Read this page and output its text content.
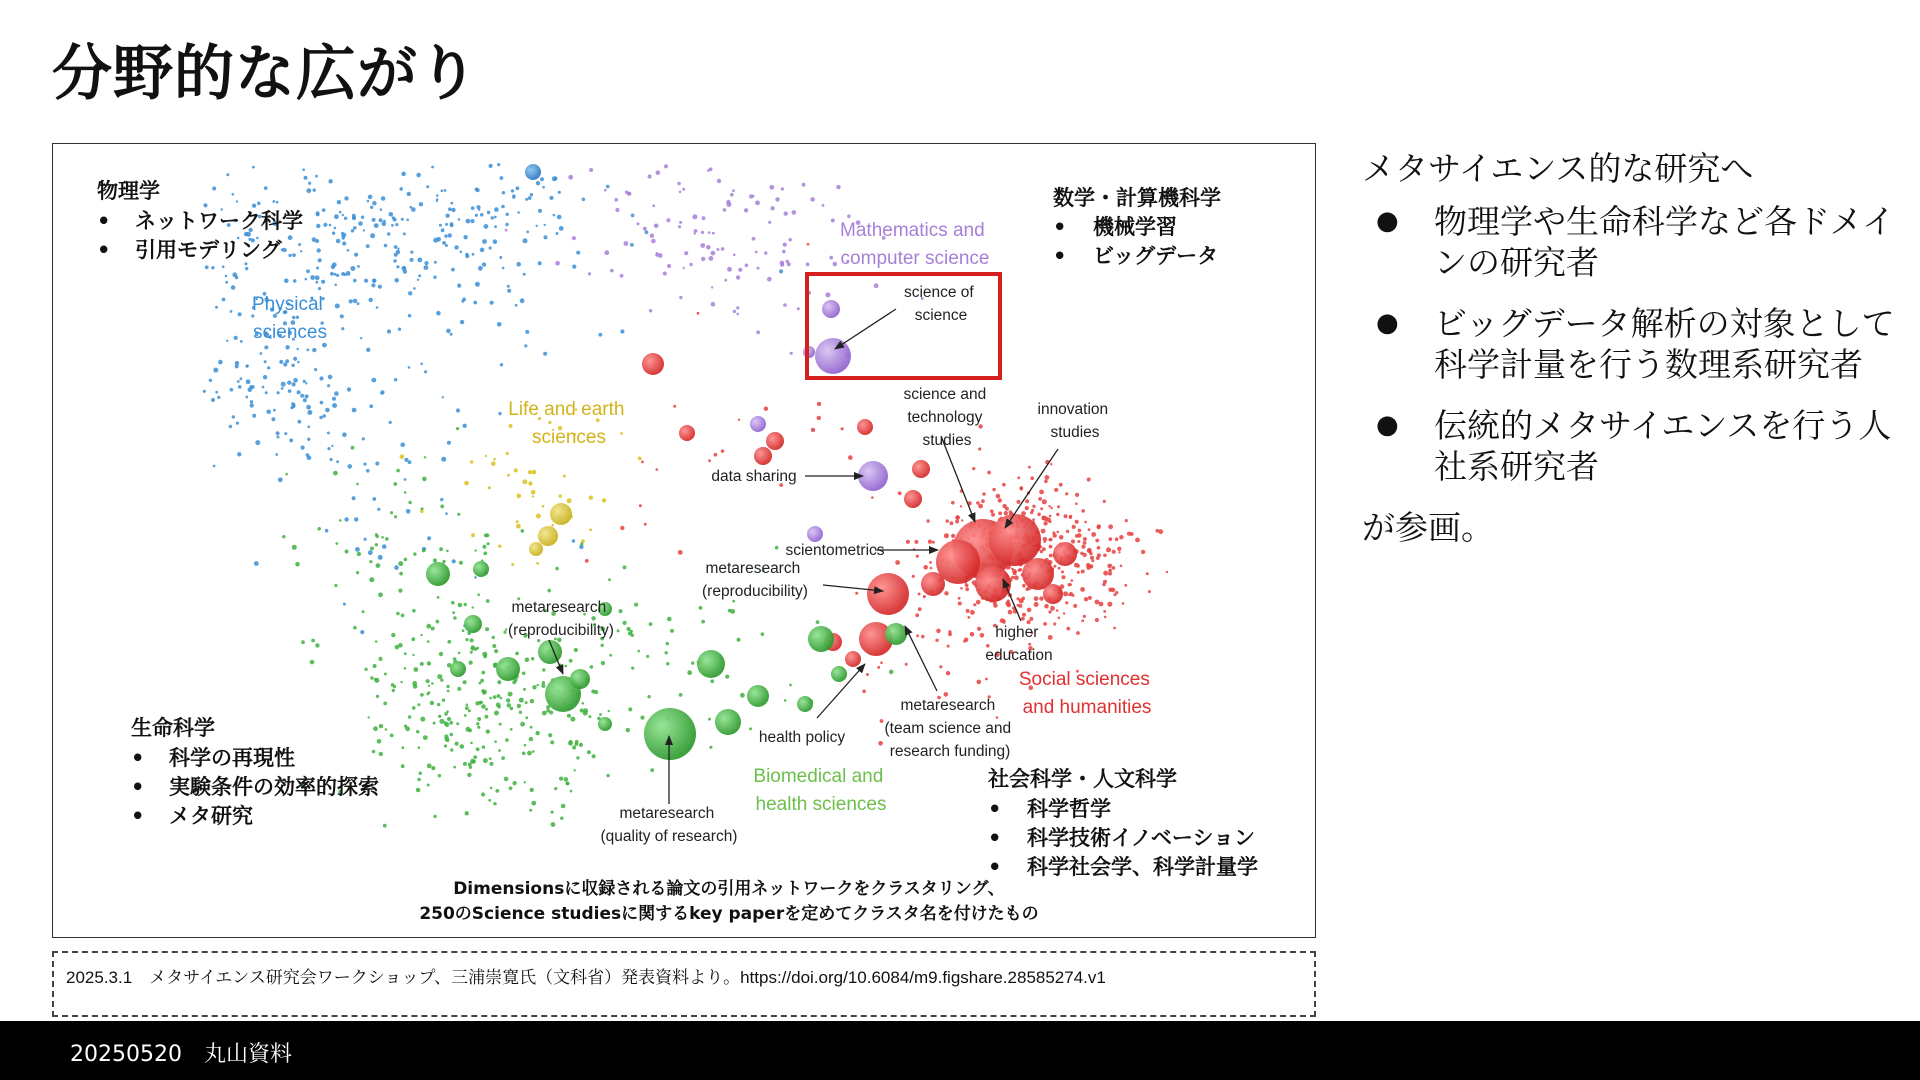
分野的な広がり
Physical sciences
Mathematics and computer science
Life and earth sciences
Biomedical and health sciences
Social sciences and humanities
science of science
science and technology studies
innovation studies
data sharing
scientometrics
metaresearch (reproducibility)
metaresearch (reproducibility)	higher education
metaresearch (team science and research funding)
health policy
metaresearch (quality of research)
物理学
• ネットワーク科学
• 引用モデリング
数学・計算機科学
• 機械学習
• ビッグデータ
生命科学
• 科学の再現性
• 実験条件の効率的探索
• メタ研究
社会科学・人文科学
• 科学哲学
• 科学技術イノベーション
• 科学社会学、科学計量学
Dimensionsに収録される論文の引用ネットワークをクラスタリング、
250のScience studiesに関するkey paperを定めてクラスタ名を付けたもの

メタサイエンス的な研究へ

● 物理学や生命科学など各ドメインの研究者
● ビッグデータ解析の対象として科学計量を行う数理系研究者
● 伝統的メタサイエンスを行う人社系研究者

が参画。

2025.3.1　メタサイエンス研究会ワークショップ、三浦崇寛氏（文科省）発表資料より。https://doi.org/10.6084/m9.figshare.28585274.v1
20250520　丸山資料
